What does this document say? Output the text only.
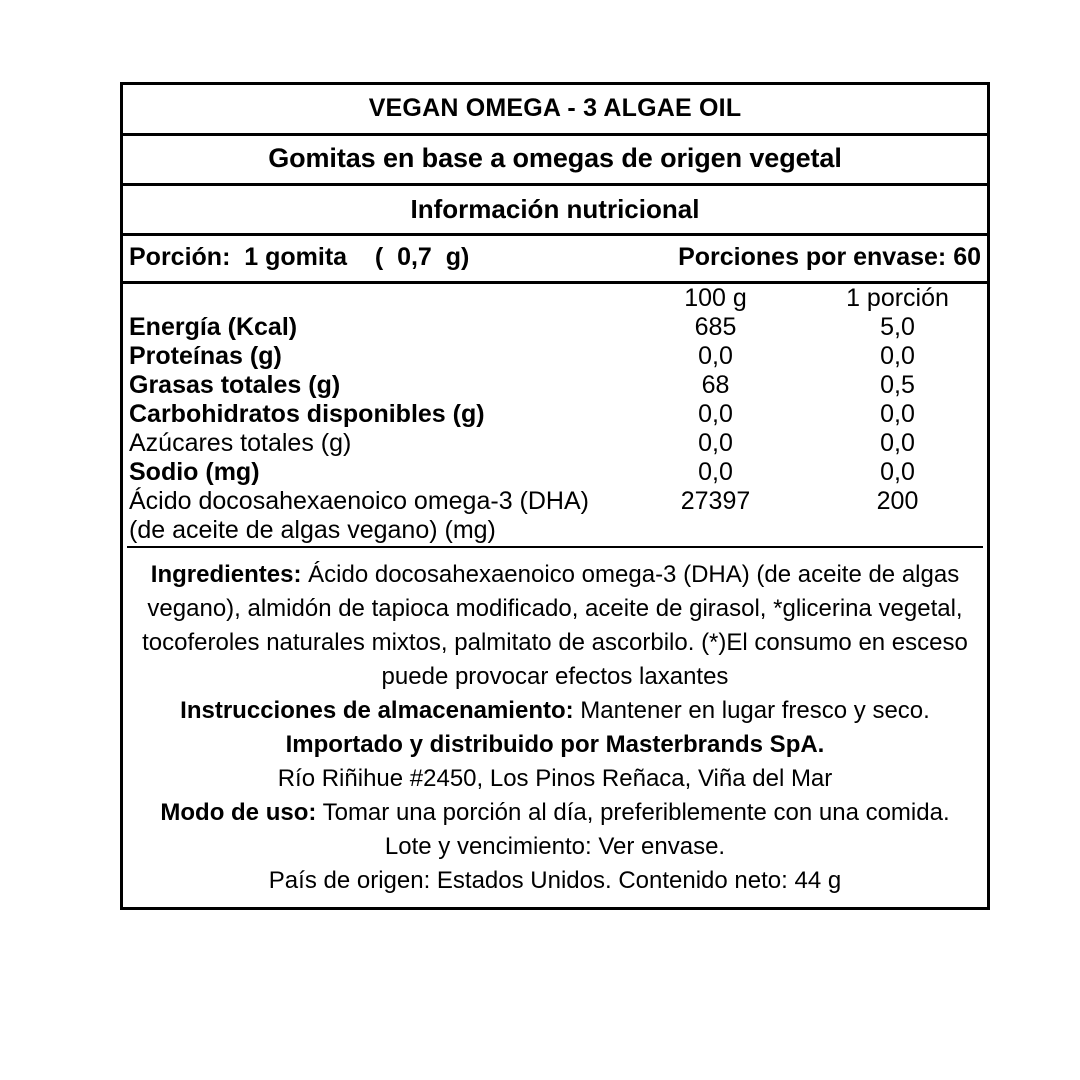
VEGAN OMEGA - 3 ALGAE OIL
Gomitas en base a omegas de origen vegetal
Información nutricional
Porción:  1 gomita    (  0,7  g)	Porciones por envase: 60
	100 g	1 porción
Energía (Kcal)	685	5,0
Proteínas (g)	0,0	0,0
Grasas totales (g)	68	0,5
Carbohidratos disponibles (g)	0,0	0,0
Azúcares totales (g)	0,0	0,0
Sodio (mg)	0,0	0,0
Ácido docosahexaenoico omega-3 (DHA)
(de aceite de algas vegano) (mg)	27397	200

Ingredientes: Ácido docosahexaenoico omega-3 (DHA) (de aceite de algas vegano), almidón de tapioca modificado, aceite de girasol, *glicerina vegetal, tocoferoles naturales mixtos, palmitato de ascorbilo. (*)El consumo en esceso puede provocar efectos laxantes

Instrucciones de almacenamiento: Mantener en lugar fresco y seco.

Importado y distribuido por Masterbrands SpA.

Río Riñihue #2450, Los Pinos Reñaca, Viña del Mar

Modo de uso: Tomar una porción al día, preferiblemente con una comida.

Lote y vencimiento: Ver envase.

País de origen: Estados Unidos. Contenido neto: 44 g
